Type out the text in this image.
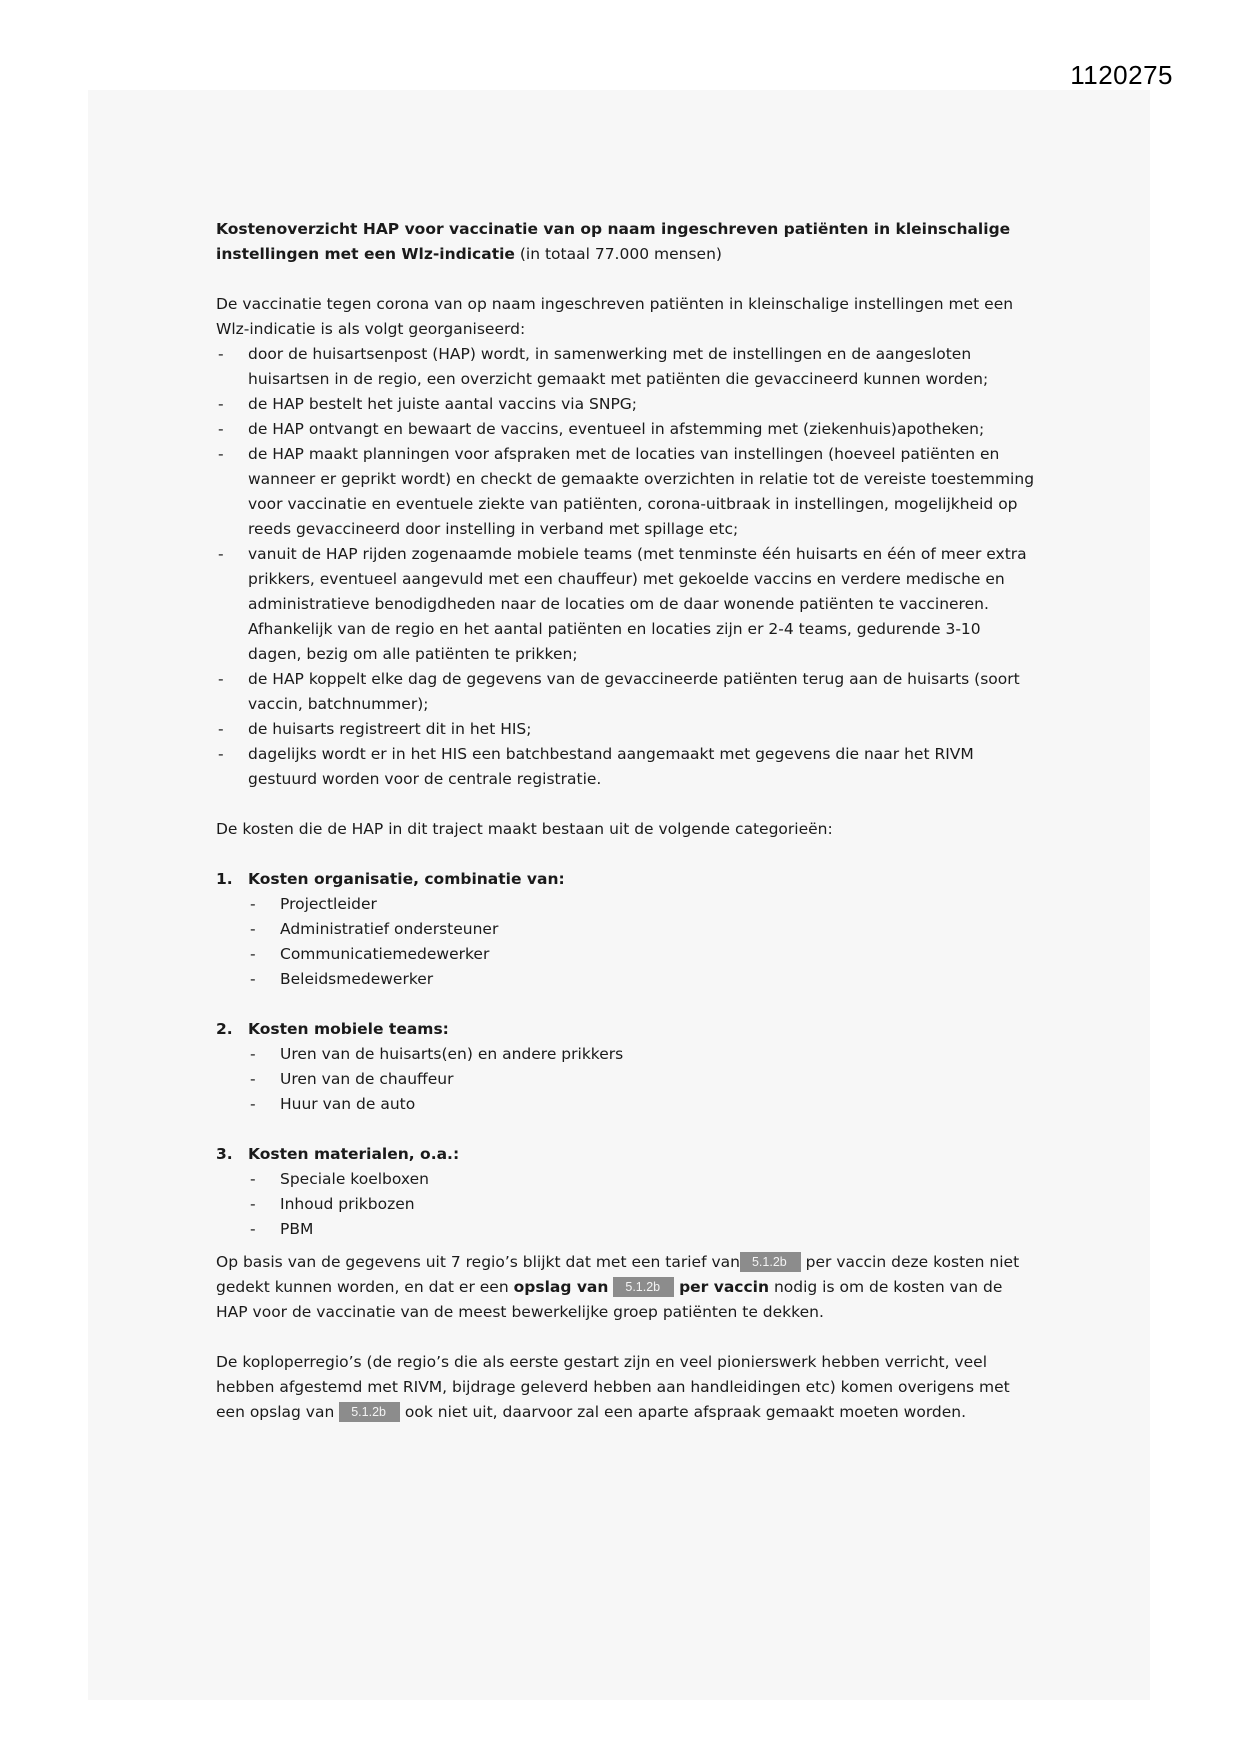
1120275

Kostenoverzicht HAP voor vaccinatie van op naam ingeschreven patiënten in kleinschalige instellingen met een Wlz-indicatie (in totaal 77.000 mensen)

De vaccinatie tegen corona van op naam ingeschreven patiënten in kleinschalige instellingen met een Wlz-indicatie is als volgt georganiseerd:

- door de huisartsenpost (HAP) wordt, in samenwerking met de instellingen en de aangesloten huisartsen in de regio, een overzicht gemaakt met patiënten die gevaccineerd kunnen worden;
- de HAP bestelt het juiste aantal vaccins via SNPG;
- de HAP ontvangt en bewaart de vaccins, eventueel in afstemming met (ziekenhuis)apotheken;
- de HAP maakt planningen voor afspraken met de locaties van instellingen (hoeveel patiënten en wanneer er geprikt wordt) en checkt de gemaakte overzichten in relatie tot de vereiste toestemming voor vaccinatie en eventuele ziekte van patiënten, corona-uitbraak in instellingen, mogelijkheid op reeds gevaccineerd door instelling in verband met spillage etc;
- vanuit de HAP rijden zogenaamde mobiele teams (met tenminste één huisarts en één of meer extra prikkers, eventueel aangevuld met een chauffeur) met gekoelde vaccins en verdere medische en administratieve benodigdheden naar de locaties om de daar wonende patiënten te vaccineren. Afhankelijk van de regio en het aantal patiënten en locaties zijn er 2-4 teams, gedurende 3-10 dagen, bezig om alle patiënten te prikken;
- de HAP koppelt elke dag de gegevens van de gevaccineerde patiënten terug aan de huisarts (soort vaccin, batchnummer);
- de huisarts registreert dit in het HIS;
- dagelijks wordt er in het HIS een batchbestand aangemaakt met gegevens die naar het RIVM gestuurd worden voor de centrale registratie.

De kosten die de HAP in dit traject maakt bestaan uit de volgende categorieën:

1. Kosten organisatie, combinatie van:
- Projectleider
- Administratief ondersteuner
- Communicatiemedewerker
- Beleidsmedewerker
2. Kosten mobiele teams:
- Uren van de huisarts(en) en andere prikkers
- Uren van de chauffeur
- Huur van de auto
3. Kosten materialen, o.a.:
- Speciale koelboxen
- Inhoud prikbozen
- PBM

Op basis van de gegevens uit 7 regio’s blijkt dat met een tarief van 5.1.2b per vaccin deze kosten niet gedekt kunnen worden, en dat er een opslag van 5.1.2b per vaccin nodig is om de kosten van de HAP voor de vaccinatie van de meest bewerkelijke groep patiënten te dekken.

De koploperregio’s (de regio’s die als eerste gestart zijn en veel pionierswerk hebben verricht, veel hebben afgestemd met RIVM, bijdrage geleverd hebben aan handleidingen etc) komen overigens met een opslag van 5.1.2b ook niet uit, daarvoor zal een aparte afspraak gemaakt moeten worden.
